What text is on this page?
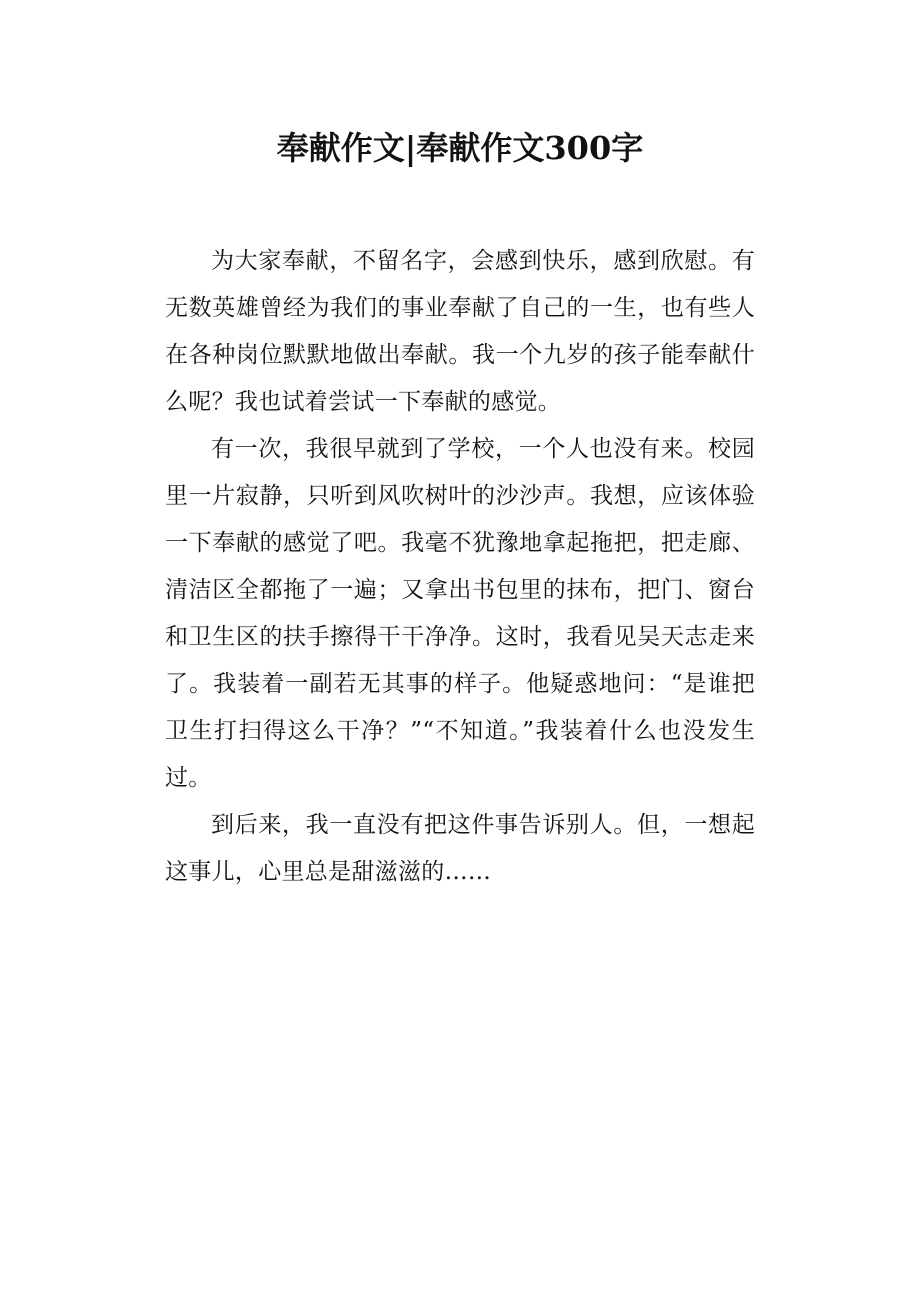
奉献作文|奉献作文300字

为大家奉献，不留名字，会感到快乐，感到欣慰。有无数英雄曾经为我们的事业奉献了自己的一生，也有些人在各种岗位默默地做出奉献。我一个九岁的孩子能奉献什么呢？我也试着尝试一下奉献的感觉。

有一次，我很早就到了学校，一个人也没有来。校园里一片寂静，只听到风吹树叶的沙沙声。我想，应该体验一下奉献的感觉了吧。我毫不犹豫地拿起拖把，把走廊、清洁区全都拖了一遍；又拿出书包里的抹布，把门、窗台和卫生区的扶手擦得干干净净。这时，我看见吴天志走来了。我装着一副若无其事的样子。他疑惑地问：“是谁把卫生打扫得这么干净？”“不知道。”我装着什么也没发生过。

到后来，我一直没有把这件事告诉别人。但，一想起这事儿，心里总是甜滋滋的……
